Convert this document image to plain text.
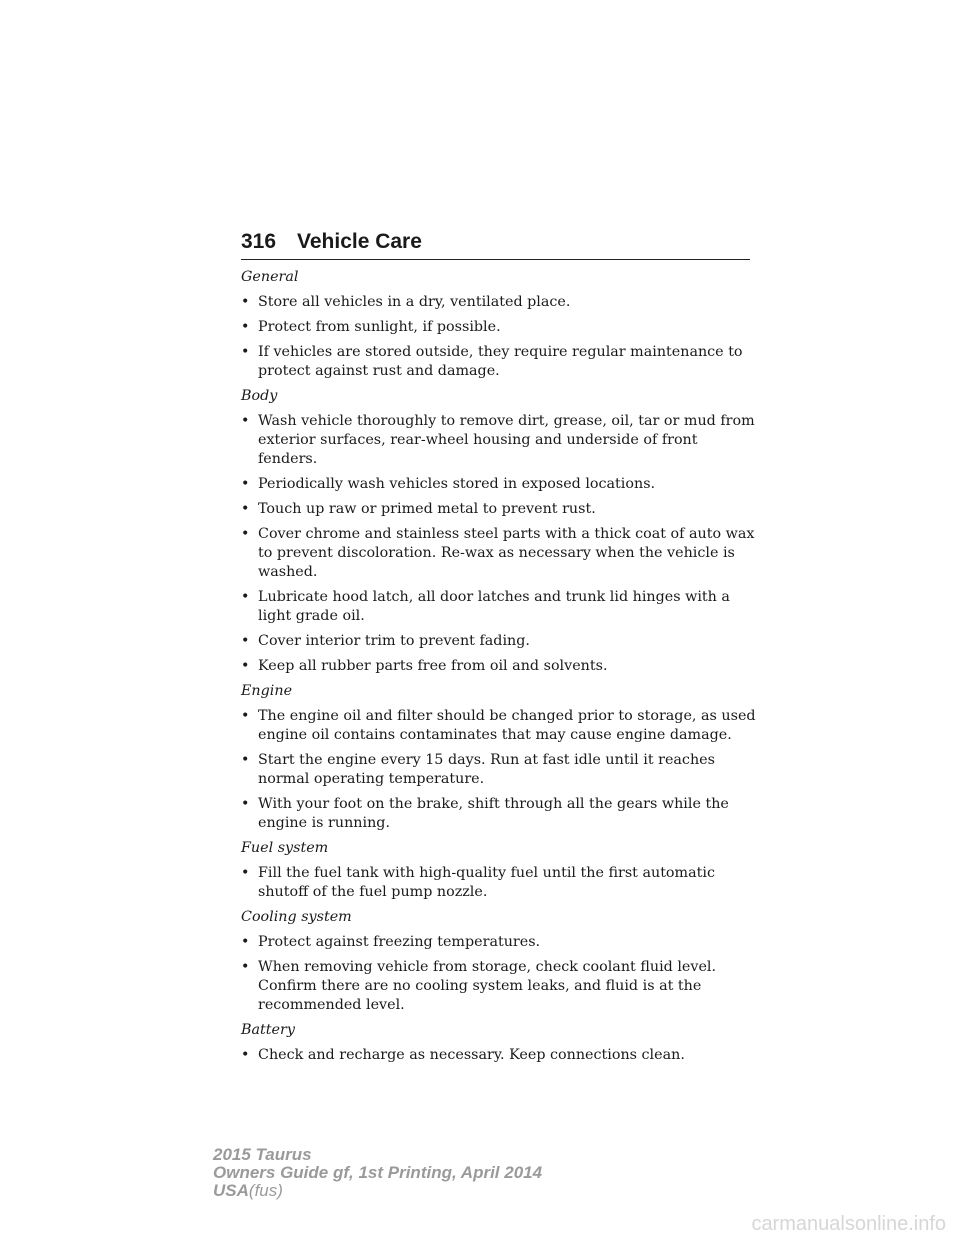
316 Vehicle Care

General

• Store all vehicles in a dry, ventilated place.
• Protect from sunlight, if possible.
• If vehicles are stored outside, they require regular maintenance to protect against rust and damage.

Body

• Wash vehicle thoroughly to remove dirt, grease, oil, tar or mud from exterior surfaces, rear-wheel housing and underside of front fenders.
• Periodically wash vehicles stored in exposed locations.
• Touch up raw or primed metal to prevent rust.
• Cover chrome and stainless steel parts with a thick coat of auto wax to prevent discoloration. Re-wax as necessary when the vehicle is washed.
• Lubricate hood latch, all door latches and trunk lid hinges with a light grade oil.
• Cover interior trim to prevent fading.
• Keep all rubber parts free from oil and solvents.

Engine

• The engine oil and filter should be changed prior to storage, as used engine oil contains contaminates that may cause engine damage.
• Start the engine every 15 days. Run at fast idle until it reaches normal operating temperature.
• With your foot on the brake, shift through all the gears while the engine is running.

Fuel system

• Fill the fuel tank with high-quality fuel until the first automatic shutoff of the fuel pump nozzle.

Cooling system

• Protect against freezing temperatures.
• When removing vehicle from storage, check coolant fluid level. Confirm there are no cooling system leaks, and fluid is at the recommended level.

Battery

• Check and recharge as necessary. Keep connections clean.
2015 Taurus
Owners Guide gf, 1st Printing, April 2014
USA(fus)
carmanualsonline.info
